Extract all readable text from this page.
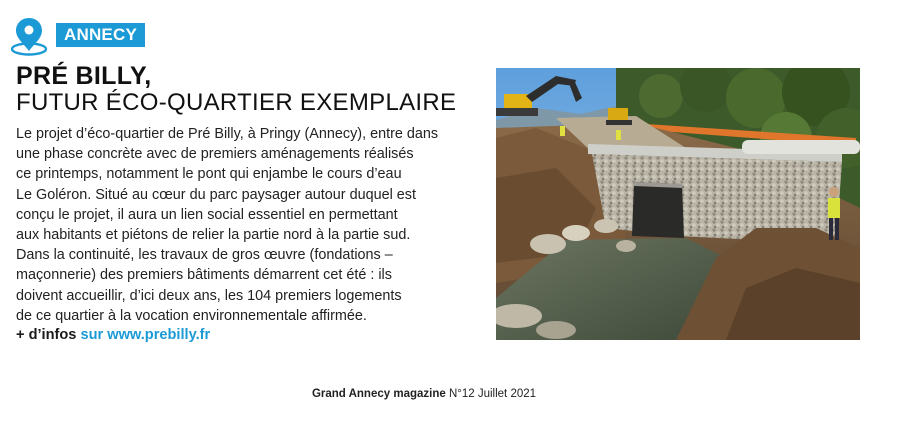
ANNECY
PRÉ BILLY,
FUTUR ÉCO-QUARTIER EXEMPLAIRE

Le projet d’éco-quartier de Pré Billy, à Pringy (Annecy), entre dans
une phase concrète avec de premiers aménagements réalisés
ce printemps, notamment le pont qui enjambe le cours d’eau
Le Goléron. Situé au cœur du parc paysager autour duquel est
conçu le projet, il aura un lien social essentiel en permettant
aux habitants et piétons de relier la partie nord à la partie sud.
Dans la continuité, les travaux de gros œuvre (fondations –
maçonnerie) des premiers bâtiments démarrent cet été : ils
doivent accueillir, d’ici deux ans, les 104 premiers logements
de ce quartier à la vocation environnementale affirmée.

+ d’infos sur www.prebilly.fr
Grand Annecy magazine N°12 Juillet 2021
